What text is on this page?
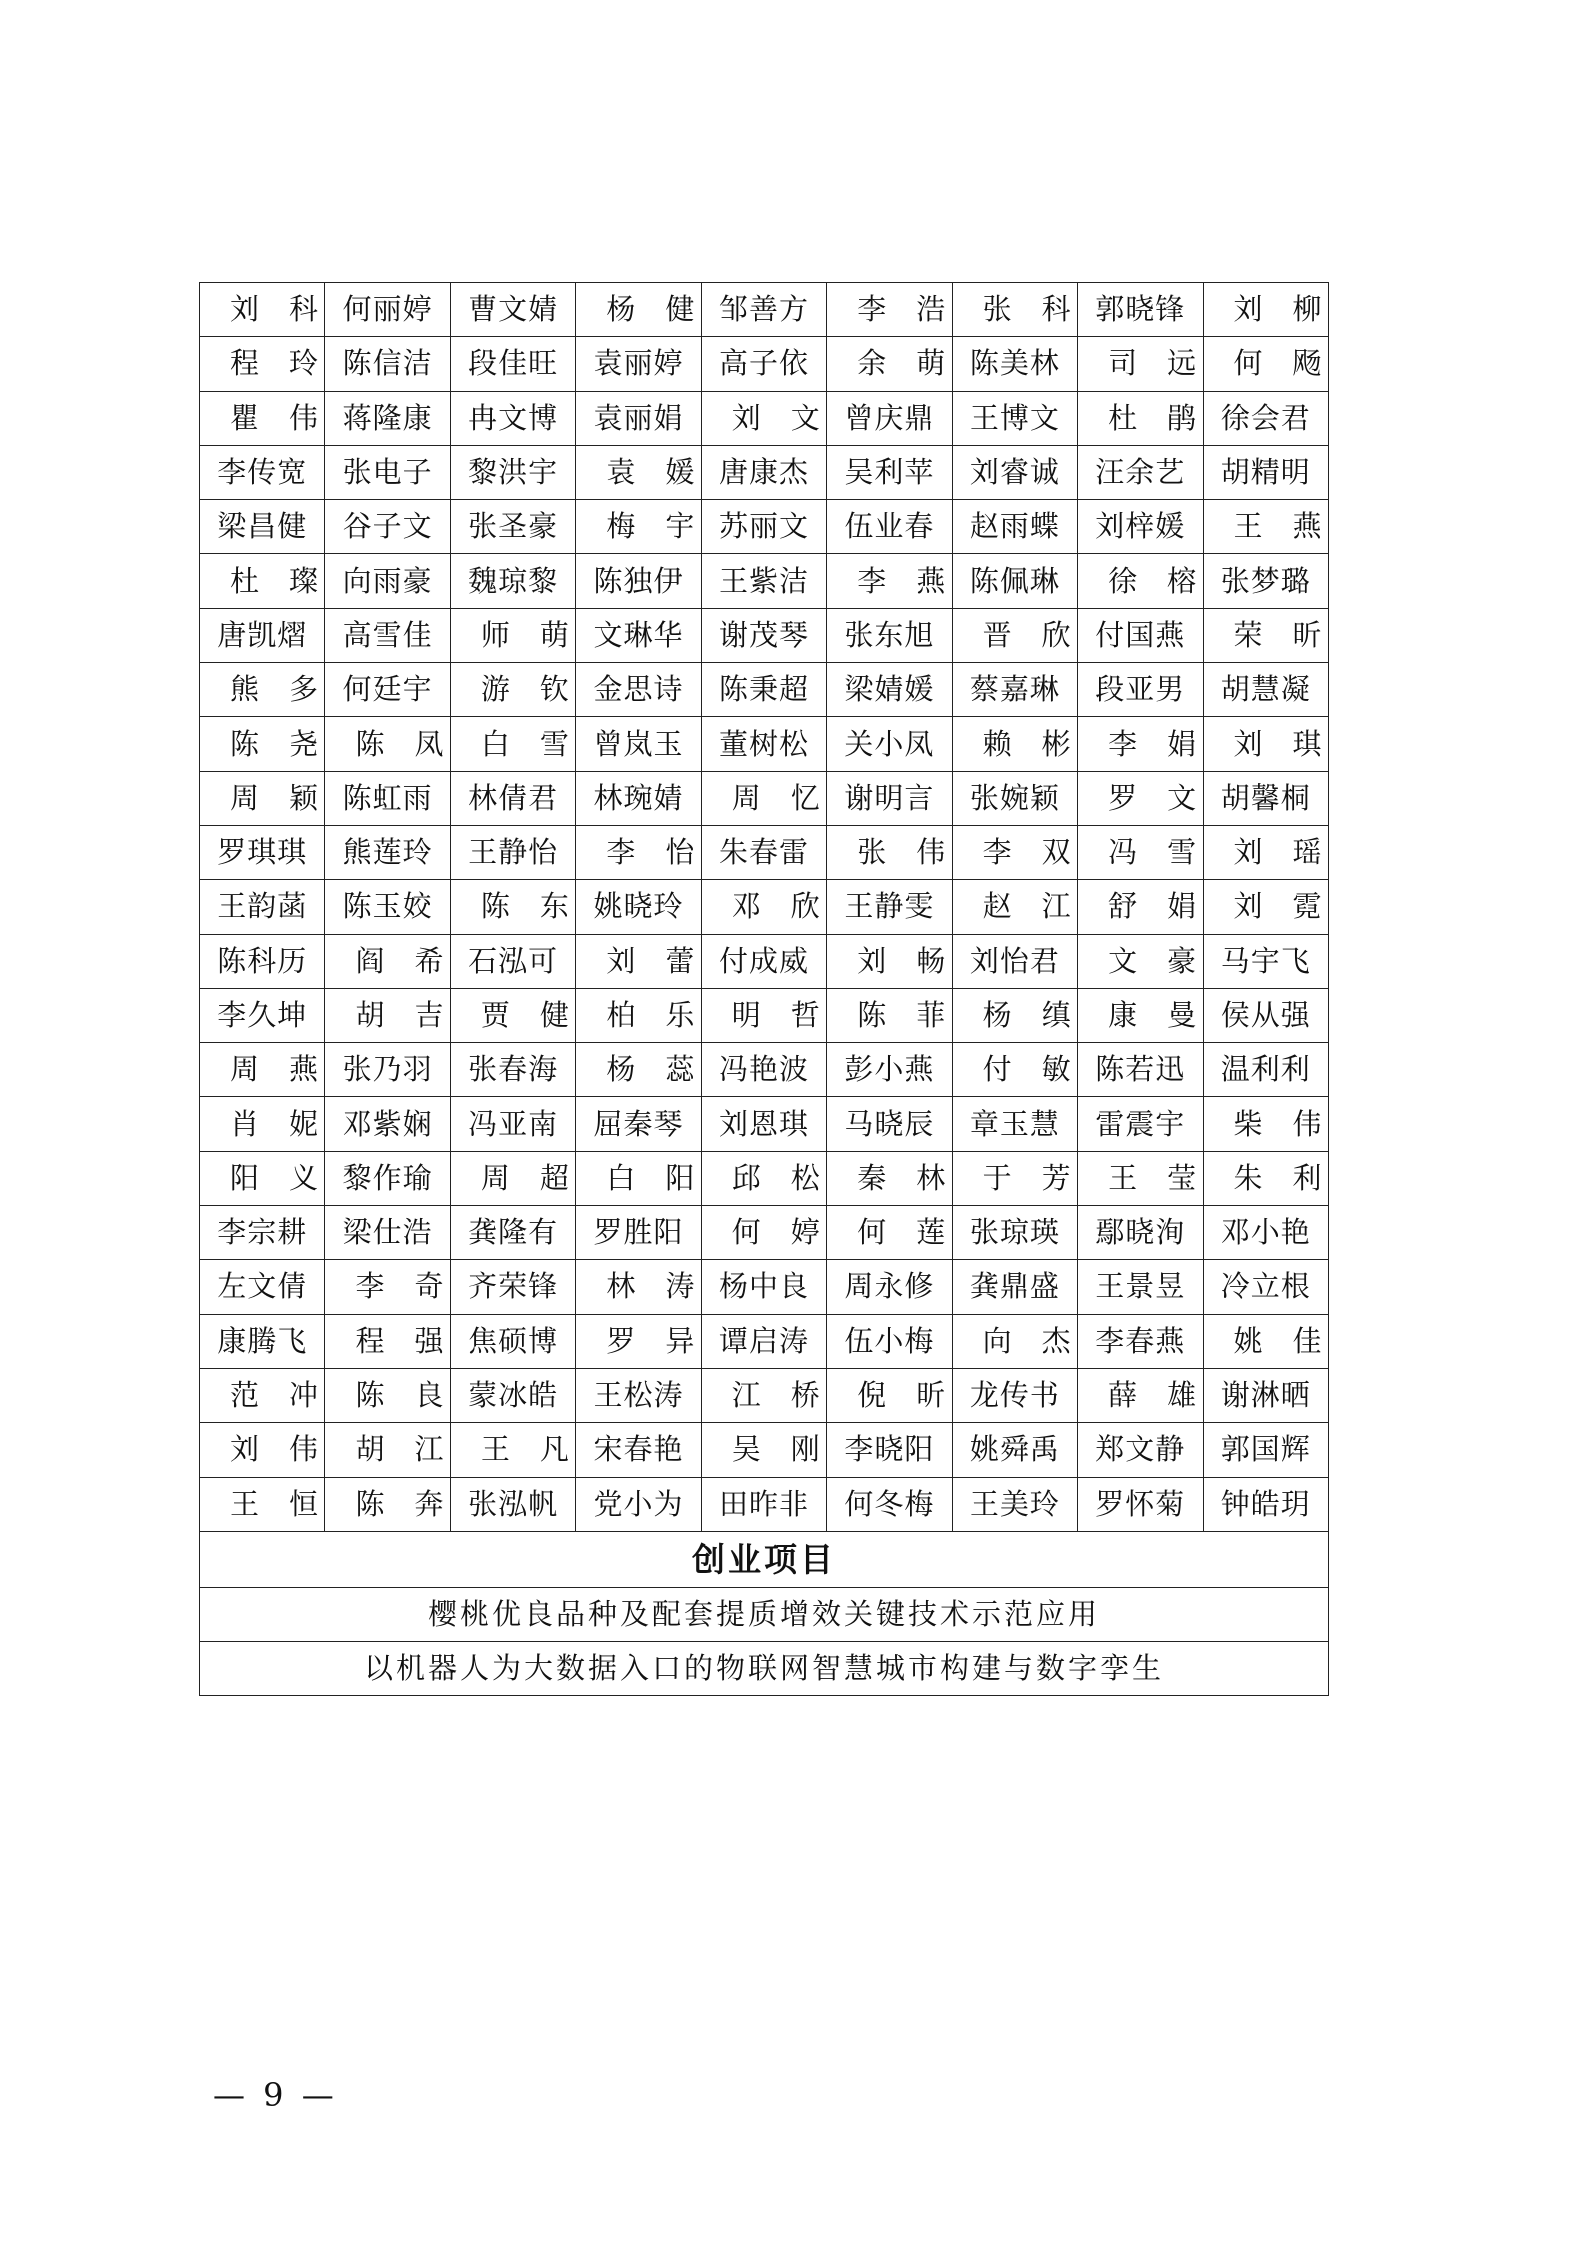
刘科	何丽婷	曹文婧	杨健	邹善方	李浩	张科	郭晓锋	刘柳
程玲	陈信洁	段佳旺	袁丽婷	高子依	余萌	陈美林	司远	何飏
瞿伟	蒋隆康	冉文博	袁丽娟	刘文	曾庆鼎	王博文	杜鹃	徐会君
李传宽	张电子	黎洪宇	袁媛	唐康杰	吴利苹	刘睿诚	汪余艺	胡精明
梁昌健	谷子文	张圣豪	梅宇	苏丽文	伍业春	赵雨蝶	刘梓媛	王燕
杜璨	向雨豪	魏琼黎	陈独伊	王紫洁	李燕	陈佩琳	徐榕	张梦璐
唐凯熠	高雪佳	师萌	文琳华	谢茂琴	张东旭	晋欣	付国燕	荣昕
熊多	何廷宇	游钦	金思诗	陈秉超	梁婧媛	蔡嘉琳	段亚男	胡慧凝
陈尧	陈凤	白雪	曾岚玉	董树松	关小凤	赖彬	李娟	刘琪
周颖	陈虹雨	林倩君	林琬婧	周忆	谢明言	张婉颖	罗文	胡馨桐
罗琪琪	熊莲玲	王静怡	李怡	朱春雷	张伟	李双	冯雪	刘瑶
王韵菡	陈玉姣	陈东	姚晓玲	邓欣	王静雯	赵江	舒娟	刘霓
陈科历	阎希	石泓可	刘蕾	付成威	刘畅	刘怡君	文豪	马宇飞
李久坤	胡吉	贾健	柏乐	明哲	陈菲	杨缜	康曼	侯从强
周燕	张乃羽	张春海	杨蕊	冯艳波	彭小燕	付敏	陈若迅	温利利
肖妮	邓紫娴	冯亚南	屈秦琴	刘恩琪	马晓辰	章玉慧	雷震宇	柴伟
阳义	黎作瑜	周超	白阳	邱松	秦林	于芳	王莹	朱利
李宗耕	梁仕浩	龚隆有	罗胜阳	何婷	何莲	张琼瑛	鄢晓洵	邓小艳
左文倩	李奇	齐荣锋	林涛	杨中良	周永修	龚鼎盛	王景昱	冷立根
康腾飞	程强	焦硕博	罗异	谭启涛	伍小梅	向杰	李春燕	姚佳
范冲	陈良	蒙冰皓	王松涛	江桥	倪昕	龙传书	薛雄	谢淋晒
刘伟	胡江	王凡	宋春艳	吴刚	李晓阳	姚舜禹	郑文静	郭国辉
王恒	陈奔	张泓帆	党小为	田昨非	何冬梅	王美玲	罗怀菊	钟皓玥
创业项目								
樱桃优良品种及配套提质增效关键技术示范应用								
以机器人为大数据入口的物联网智慧城市构建与数字孪生								
— 9 —
